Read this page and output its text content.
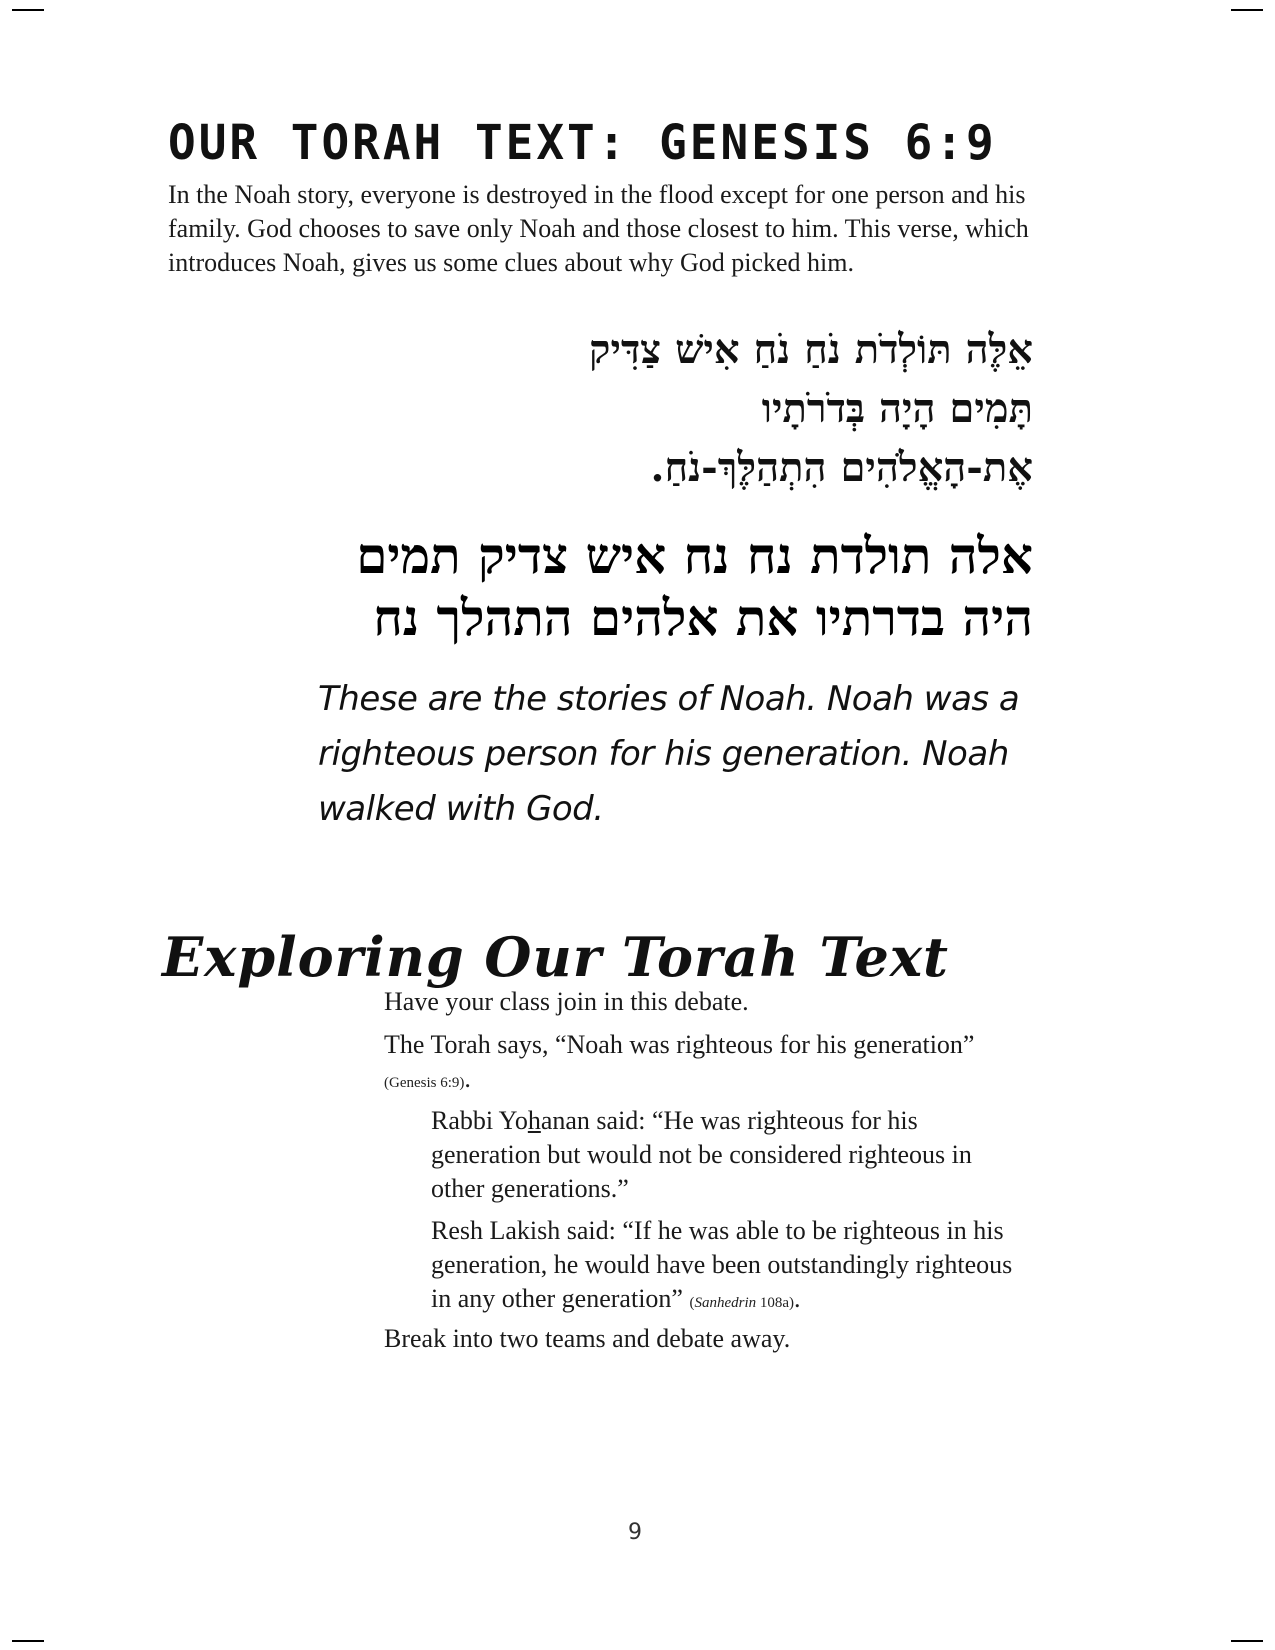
OUR TORAH TEXT: GENESIS 6:9

In the Noah story, everyone is destroyed in the flood except for one person and his family. God chooses to save only Noah and those closest to him. This verse, which introduces Noah, gives us some clues about why God picked him.

אֵלֶּה תּוֹלְדֹת נֹחַ נֹחַ אִישׁ צַדִּיק
תָּמִים הָיָה בְּדֹרֹתָיו
אֶת-הָאֱלֹהִים הִתְהַלֶּךְ-נֹחַ.
אלה תולדת נח נח איש צדיק תמים
היה בדרתיו את אלהים התהלך נח

These are the stories of Noah. Noah was a righteous person for his generation. Noah walked with God.

Exploring Our Torah Text

Have your class join in this debate.

The Torah says, “Noah was righteous for his generation”
(Genesis 6:9).

Rabbi Yohanan said: “He was righteous for his generation but would not be considered righteous in other generations.”

Resh Lakish said: “If he was able to be righteous in his generation, he would have been outstandingly righteous in any other generation” (Sanhedrin 108a).

Break into two teams and debate away.

9
